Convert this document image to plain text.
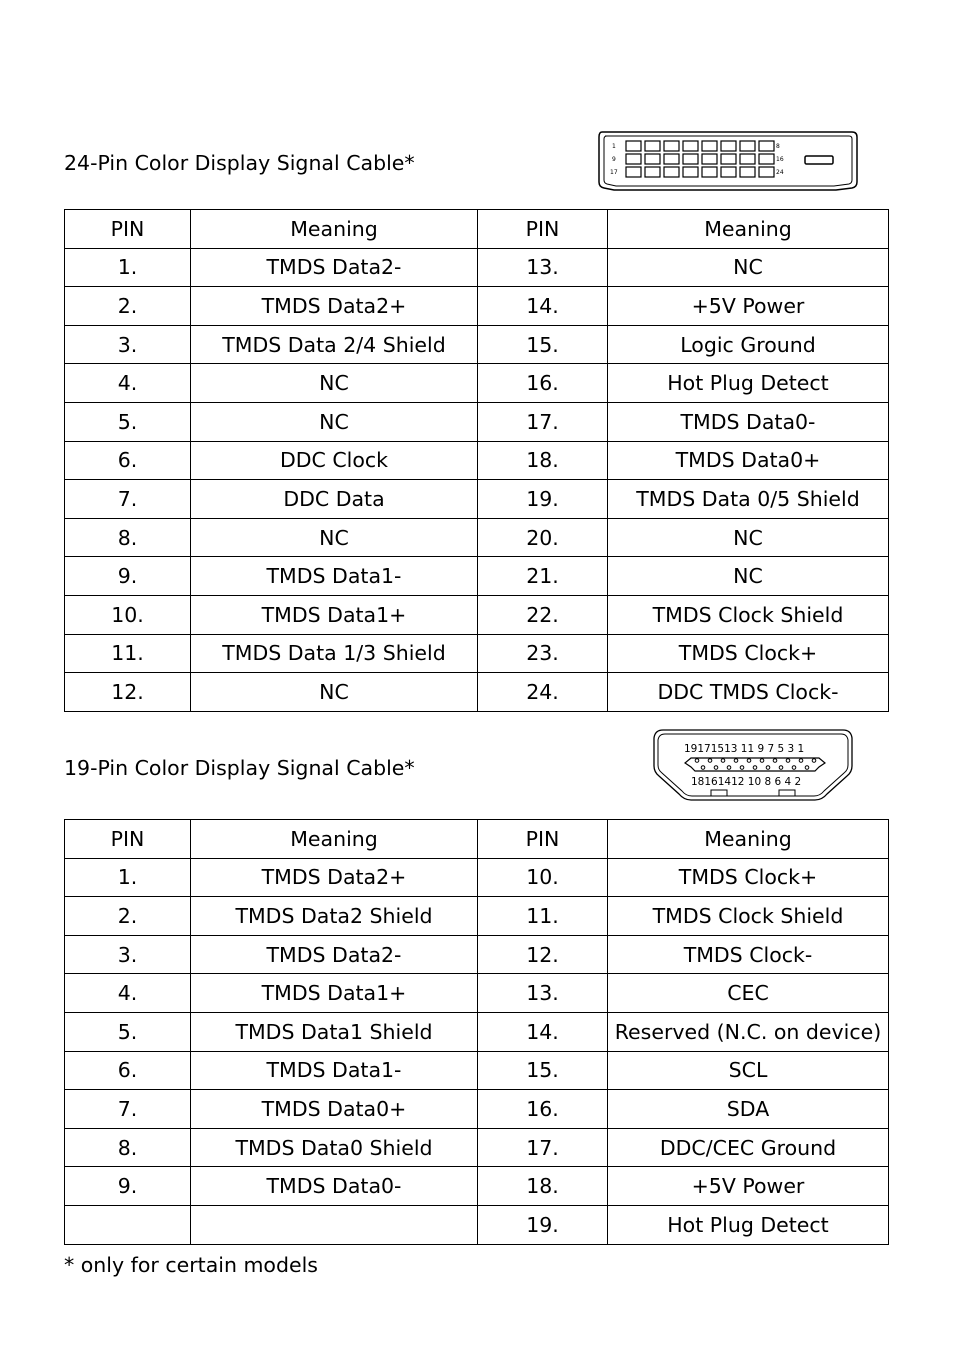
24-Pin Color Display Signal Cable*
1
9
17
8
16
24
PIN	Meaning	PIN	Meaning
1.	TMDS Data2-	13.	NC
2.	TMDS Data2+	14.	+5V Power
3.	TMDS Data 2/4 Shield	15.	Logic Ground
4.	NC	16.	Hot Plug Detect
5.	NC	17.	TMDS Data0-
6.	DDC Clock	18.	TMDS Data0+
7.	DDC Data	19.	TMDS Data 0/5 Shield
8.	NC	20.	NC
9.	TMDS Data1-	21.	NC
10.	TMDS Data1+	22.	TMDS Clock Shield
11.	TMDS Data 1/3 Shield	23.	TMDS Clock+
12.	NC	24.	DDC TMDS Clock-
19-Pin Color Display Signal Cable*
19171513 11 9 7 5 3 1
18161412 10 8 6 4 2
PIN	Meaning	PIN	Meaning
1.	TMDS Data2+	10.	TMDS Clock+
2.	TMDS Data2 Shield	11.	TMDS Clock Shield
3.	TMDS Data2-	12.	TMDS Clock-
4.	TMDS Data1+	13.	CEC
5.	TMDS Data1 Shield	14.	Reserved (N.C. on device)
6.	TMDS Data1-	15.	SCL
7.	TMDS Data0+	16.	SDA
8.	TMDS Data0 Shield	17.	DDC/CEC Ground
9.	TMDS Data0-	18.	+5V Power
		19.	Hot Plug Detect
* only for certain models
